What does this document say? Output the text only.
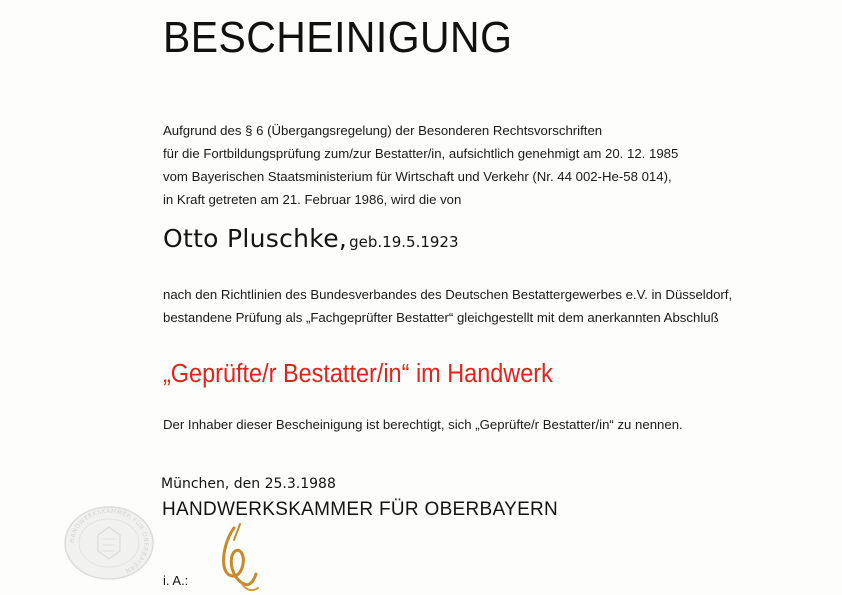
BESCHEINIGUNG
Aufgrund des § 6 (Übergangsregelung) der Besonderen Rechtsvorschriften
für die Fortbildungsprüfung zum/zur Bestatter/in, aufsichtlich genehmigt am 20. 12. 1985
vom Bayerischen Staatsministerium für Wirtschaft und Verkehr (Nr. 44 002-He-58 014),
in Kraft getreten am 21. Februar 1986, wird die von
Otto Pluschke, geb.19.5.1923
nach den Richtlinien des Bundesverbandes des Deutschen Bestattergewerbes e.V. in Düsseldorf,
bestandene Prüfung als „Fachgeprüfter Bestatter“ gleichgestellt mit dem anerkannten Abschluß
„Geprüfte/r Bestatter/in“ im Handwerk
Der Inhaber dieser Bescheinigung ist berechtigt, sich „Geprüfte/r Bestatter/in“ zu nennen.
München, den 25.3.1988
HANDWERKSKAMMER FÜR OBERBAYERN
HANDWERKSKAMMER FÜR OBERBAYERN
i. A.:
